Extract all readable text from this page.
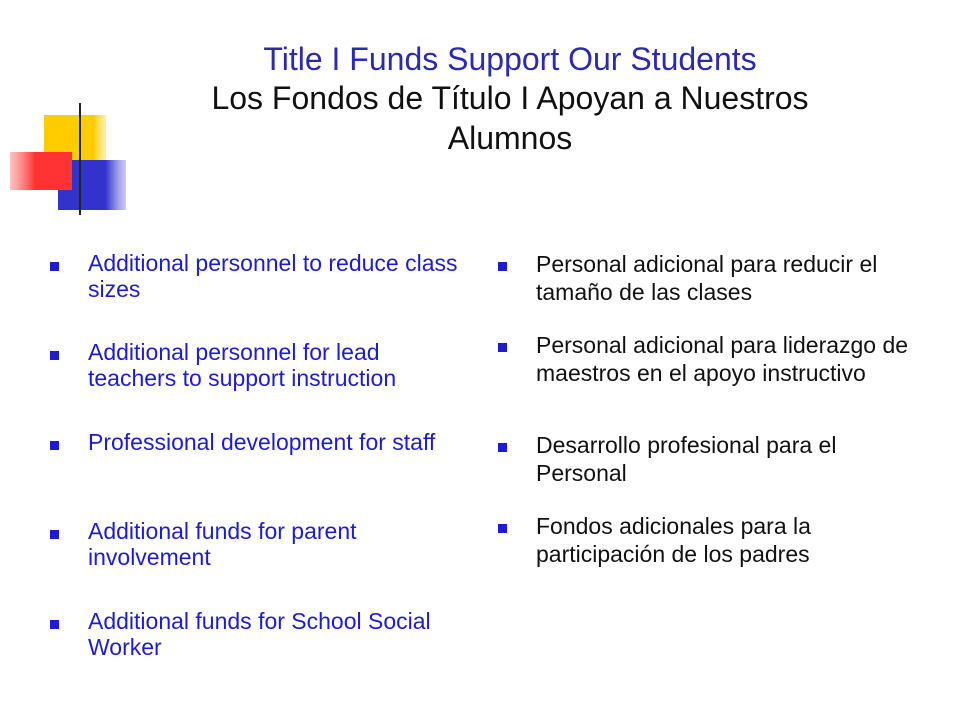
Title I Funds Support Our Students
Los Fondos de Título I Apoyan a Nuestros Alumnos
Additional personnel to reduce class sizes
Additional personnel for lead teachers to support instruction
Professional development for staff
Additional funds for parent involvement
Additional funds for School Social Worker
Personal adicional para reducir el tamaño de las clases
Personal adicional para liderazgo de maestros en el apoyo instructivo
Desarrollo profesional para el Personal
Fondos adicionales para la participación de los padres
